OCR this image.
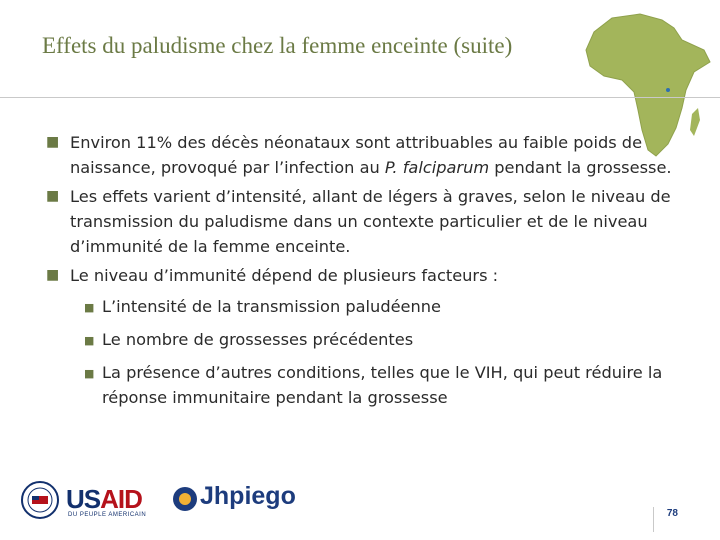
Effets du paludisme chez la femme enceinte (suite)
■ Environ 11% des décès néonataux sont attribuables au faible poids de naissance, provoqué par l’infection au P. falciparum pendant la grossesse.
■ Les effets varient d’intensité, allant de légers à graves, selon le niveau de transmission du paludisme dans un contexte particulier et de le niveau d’immunité de la femme enceinte.
■ Le niveau d’immunité dépend de plusieurs facteurs :
■ L’intensité de la transmission paludéenne
■ Le nombre de grossesses précédentes
■ La présence d’autres conditions, telles que le VIH, qui peut réduire la réponse immunitaire pendant la grossesse
USAID
DU PEUPLE AMERICAIN
Jhpiego
78
